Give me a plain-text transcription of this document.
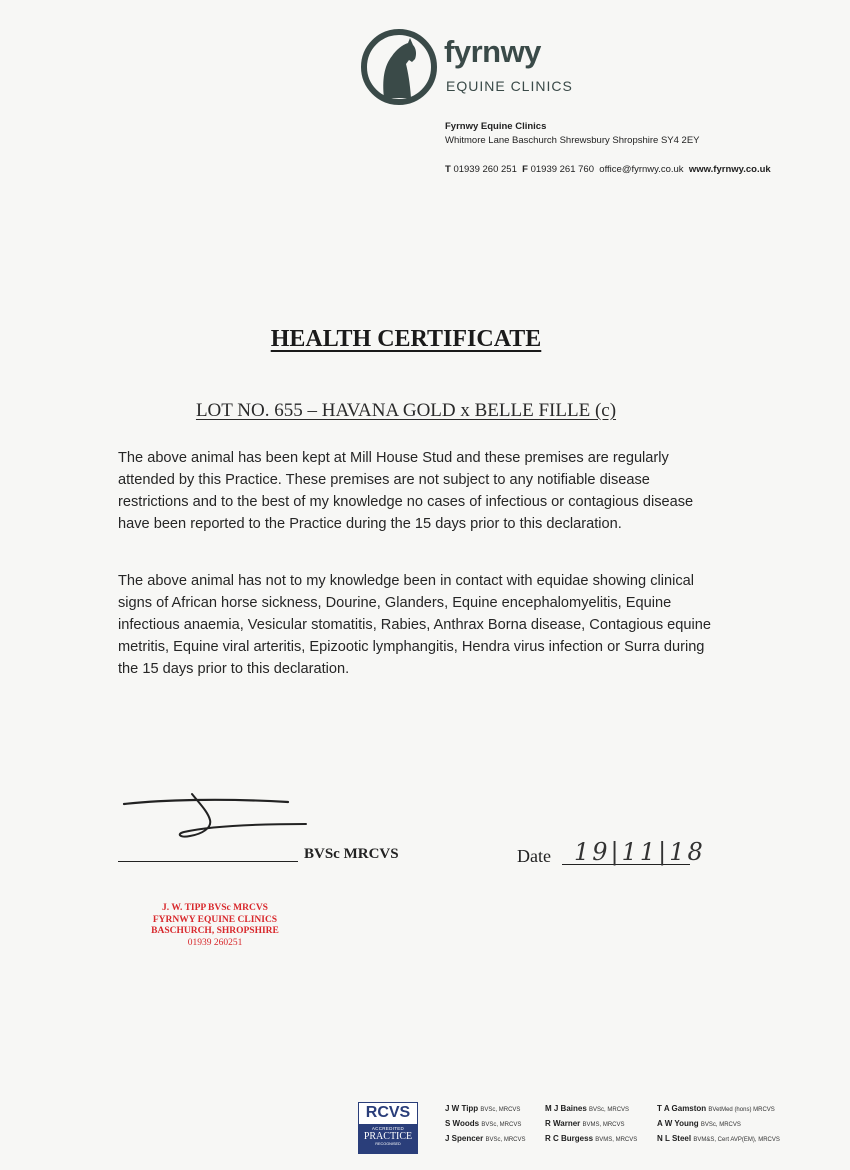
fyrnwy
EQUINE CLINICS
Fyrnwy Equine Clinics
Whitmore Lane Baschurch Shrewsbury Shropshire SY4 2EY
T 01939 260 251 F 01939 261 760 office@fyrnwy.co.uk www.fyrnwy.co.uk
HEALTH CERTIFICATE
LOT NO. 655 – HAVANA GOLD x BELLE FILLE (c)
The above animal has been kept at Mill House Stud and these premises are regularly attended by this Practice. These premises are not subject to any notifiable disease restrictions and to the best of my knowledge no cases of infectious or contagious disease have been reported to the Practice during the 15 days prior to this declaration.
The above animal has not to my knowledge been in contact with equidae showing clinical signs of African horse sickness, Dourine, Glanders, Equine encephalomyelitis, Equine infectious anaemia, Vesicular stomatitis, Rabies, Anthrax Borna disease, Contagious equine metritis, Equine viral arteritis, Epizootic lymphangitis, Hendra virus infection or Surra during the 15 days prior to this declaration.
BVSc MRCVS	Date 19|11|18
J. W. TIPP BVSc MRCVS
FYRNWY EQUINE CLINICS
BASCHURCH, SHROPSHIRE
01939 260251
RCVS
ACCREDITED
PRACTICE
RECOGNISED
J W Tipp BVSc, MRCVS
S Woods BVSc, MRCVS
J Spencer BVSc, MRCVS
M J Baines BVSc, MRCVS
R Warner BVMS, MRCVS
R C Burgess BVMS, MRCVS
T A Gamston BVetMed (hons) MRCVS
A W Young BVSc, MRCVS
N L Steel BVM&S, Cert AVP(EM), MRCVS
